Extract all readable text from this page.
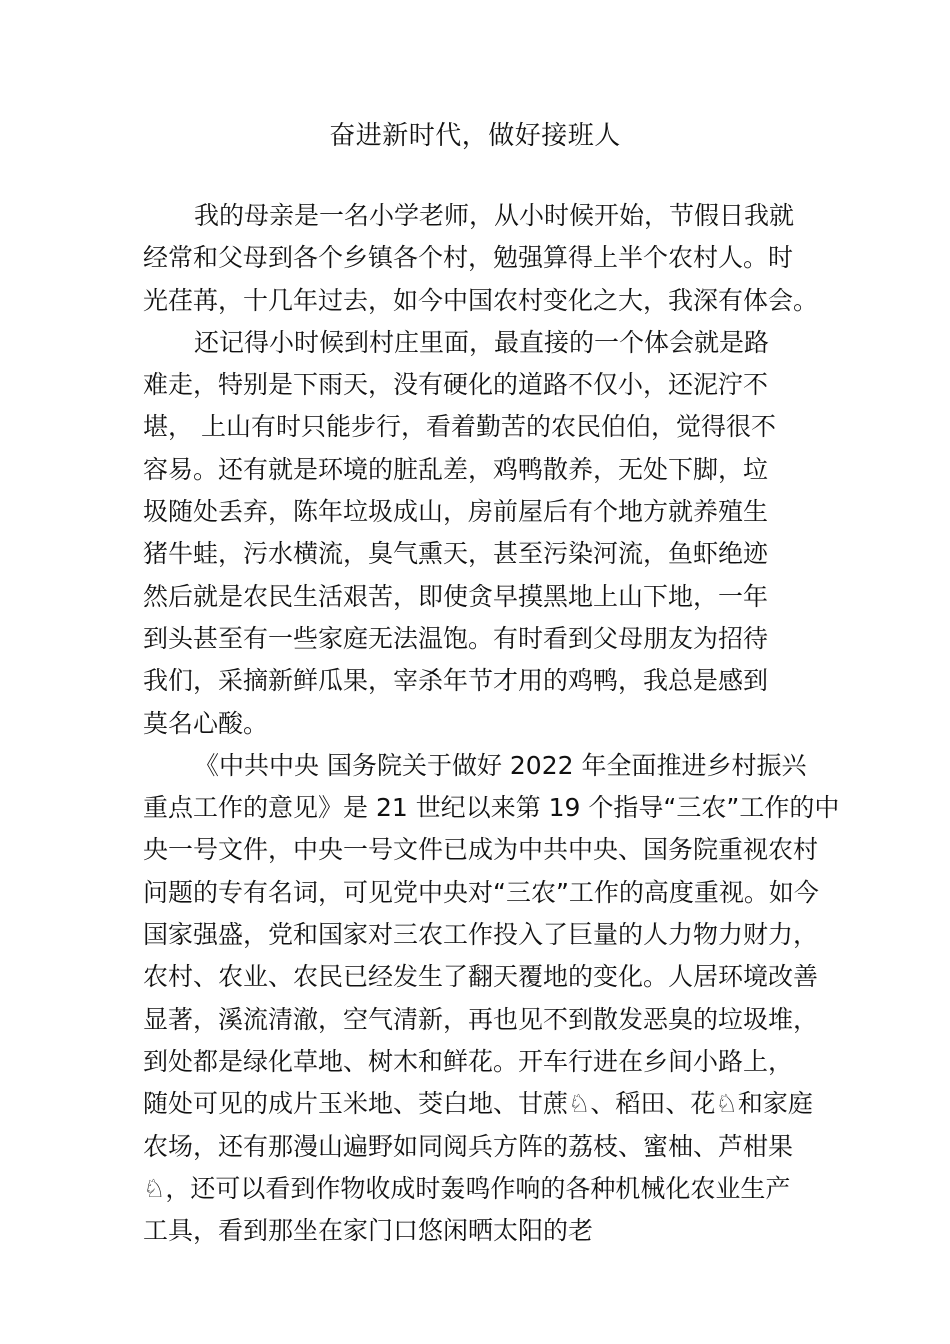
奋进新时代，做好接班人
我的母亲是一名小学老师，从小时候开始，节假日我就
经常和父母到各个乡镇各个村，勉强算得上半个农村人。时
光荏苒，十几年过去，如今中国农村变化之大，我深有体会。
还记得小时候到村庄里面，最直接的一个体会就是路
难走，特别是下雨天，没有硬化的道路不仅小，还泥泞不
堪， 上山有时只能步行，看着勤苦的农民伯伯，觉得很不
容易。还有就是环境的脏乱差，鸡鸭散养，无处下脚，垃
圾随处丢弃，陈年垃圾成山，房前屋后有个地方就养殖生
猪牛蛙，污水横流，臭气熏天，甚至污染河流，鱼虾绝迹
然后就是农民生活艰苦，即使贪早摸黑地上山下地，一年
到头甚至有一些家庭无法温饱。有时看到父母朋友为招待
我们，采摘新鲜瓜果，宰杀年节才用的鸡鸭，我总是感到
莫名心酸。
《中共中央 国务院关于做好 2022 年全面推进乡村振兴
重点工作的意见》是 21 世纪以来第 19 个指导“三农”工作的中
央一号文件，中央一号文件已成为中共中央、国务院重视农村
问题的专有名词，可见党中央对“三农”工作的高度重视。如今
国家强盛，党和国家对三农工作投入了巨量的人力物力财力，
农村、农业、农民已经发生了翻天覆地的变化。人居环境改善
显著，溪流清澈，空气清新，再也见不到散发恶臭的垃圾堆，
到处都是绿化草地、树木和鲜花。开车行进在乡间小路上，
随处可见的成片玉米地、茭白地、甘蔗♘、稻田、花♘和家庭
农场，还有那漫山遍野如同阅兵方阵的荔枝、蜜柚、芦柑果
♘，还可以看到作物收成时轰鸣作响的各种机械化农业生产
工具，看到那坐在家门口悠闲晒太阳的老
